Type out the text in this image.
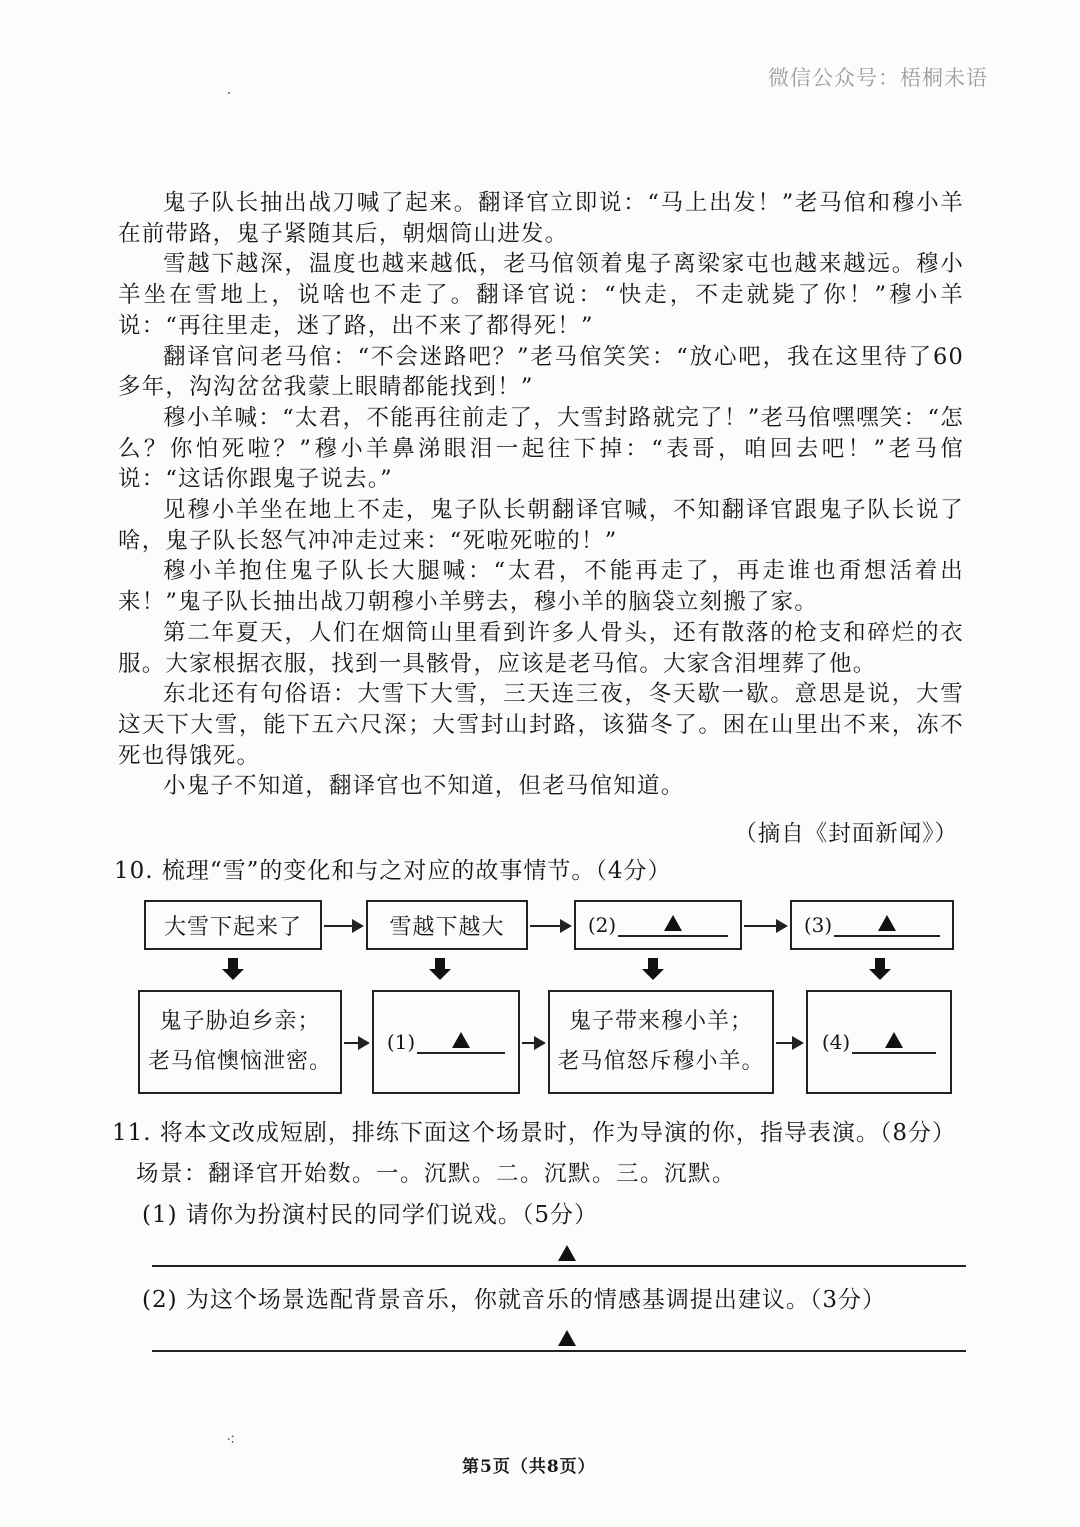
微信公众号：梧桐未语

鬼子队长抽出战刀喊了起来。翻译官立即说：“马上出发！”老马倌和穆小羊在前带路，鬼子紧随其后，朝烟筒山进发。

雪越下越深，温度也越来越低，老马倌领着鬼子离梁家屯也越来越远。穆小羊坐在雪地上，说啥也不走了。翻译官说：“快走，不走就毙了你！”穆小羊说：“再往里走，迷了路，出不来了都得死！”

翻译官问老马倌：“不会迷路吧？”老马倌笑笑：“放心吧，我在这里待了60多年，沟沟岔岔我蒙上眼睛都能找到！”

穆小羊喊：“太君，不能再往前走了，大雪封路就完了！”老马倌嘿嘿笑：“怎么？你怕死啦？”穆小羊鼻涕眼泪一起往下掉：“表哥，咱回去吧！”老马倌说：“这话你跟鬼子说去。”

见穆小羊坐在地上不走，鬼子队长朝翻译官喊，不知翻译官跟鬼子队长说了啥，鬼子队长怒气冲冲走过来：“死啦死啦的！”

穆小羊抱住鬼子队长大腿喊：“太君，不能再走了，再走谁也甭想活着出来！”鬼子队长抽出战刀朝穆小羊劈去，穆小羊的脑袋立刻搬了家。

第二年夏天，人们在烟筒山里看到许多人骨头，还有散落的枪支和碎烂的衣服。大家根据衣服，找到一具骸骨，应该是老马倌。大家含泪埋葬了他。

东北还有句俗语：大雪下大雪，三天连三夜，冬天歇一歇。意思是说，大雪这天下大雪，能下五六尺深；大雪封山封路，该猫冬了。困在山里出不来，冻不死也得饿死。

小鬼子不知道，翻译官也不知道，但老马倌知道。

（摘自《封面新闻》）
10. 梳理“雪”的变化和与之对应的故事情节。（4分）
大雪下起来了	雪越下越大	(2)	(3)
鬼子胁迫乡亲；
老马倌懊恼泄密。
(1)
鬼子带来穆小羊；
老马倌怒斥穆小羊。
(4)
11. 将本文改成短剧，排练下面这个场景时，作为导演的你，指导表演。（8分）
场景：翻译官开始数。一。沉默。二。沉默。三。沉默。
(1) 请你为扮演村民的同学们说戏。（5分）
(2) 为这个场景选配背景音乐，你就音乐的情感基调提出建议。（3分）
⁖
第5页（共8页）
